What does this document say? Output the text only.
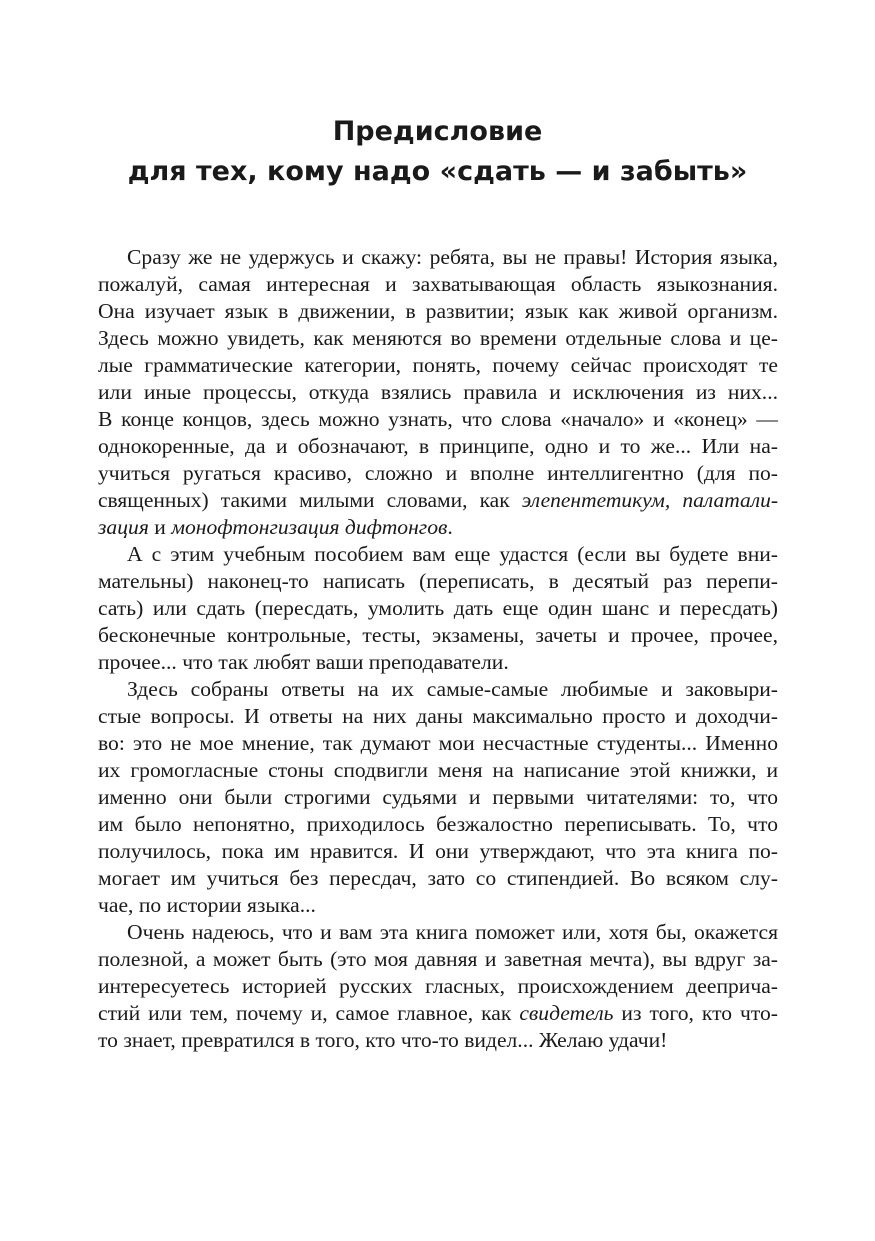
Предисловие
для тех, кому надо «сдать — и забыть»
Сразу же не удержусь и скажу: ребята, вы не правы! История языка,
пожалуй, самая интересная и захватывающая область языкознания.
Она изучает язык в движении, в развитии; язык как живой организм.
Здесь можно увидеть, как меняются во времени отдельные слова и це-
лые грамматические категории, понять, почему сейчас происходят те
или иные процессы, откуда взялись правила и исключения из них...
В конце концов, здесь можно узнать, что слова «начало» и «конец» —
однокоренные, да и обозначают, в принципе, одно и то же... Или на-
учиться ругаться красиво, сложно и вполне интеллигентно (для по-
священных) такими милыми словами, как элепентетикум, палатали-
зация и монофтонгизация дифтонгов.
А с этим учебным пособием вам еще удастся (если вы будете вни-
мательны) наконец-то написать (переписать, в десятый раз перепи-
сать) или сдать (пересдать, умолить дать еще один шанс и пересдать)
бесконечные контрольные, тесты, экзамены, зачеты и прочее, прочее,
прочее... что так любят ваши преподаватели.
Здесь собраны ответы на их самые-самые любимые и заковыри-
стые вопросы. И ответы на них даны максимально просто и доходчи-
во: это не мое мнение, так думают мои несчастные студенты... Именно
их громогласные стоны сподвигли меня на написание этой книжки, и
именно они были строгими судьями и первыми читателями: то, что
им было непонятно, приходилось безжалостно переписывать. То, что
получилось, пока им нравится. И они утверждают, что эта книга по-
могает им учиться без пересдач, зато со стипендией. Во всяком слу-
чае, по истории языка...
Очень надеюсь, что и вам эта книга поможет или, хотя бы, окажется
полезной, а может быть (это моя давняя и заветная мечта), вы вдруг за-
интересуетесь историей русских гласных, происхождением дееприча-
стий или тем, почему и, самое главное, как свидетель из того, кто что-
то знает, превратился в того, кто что-то видел... Желаю удачи!
